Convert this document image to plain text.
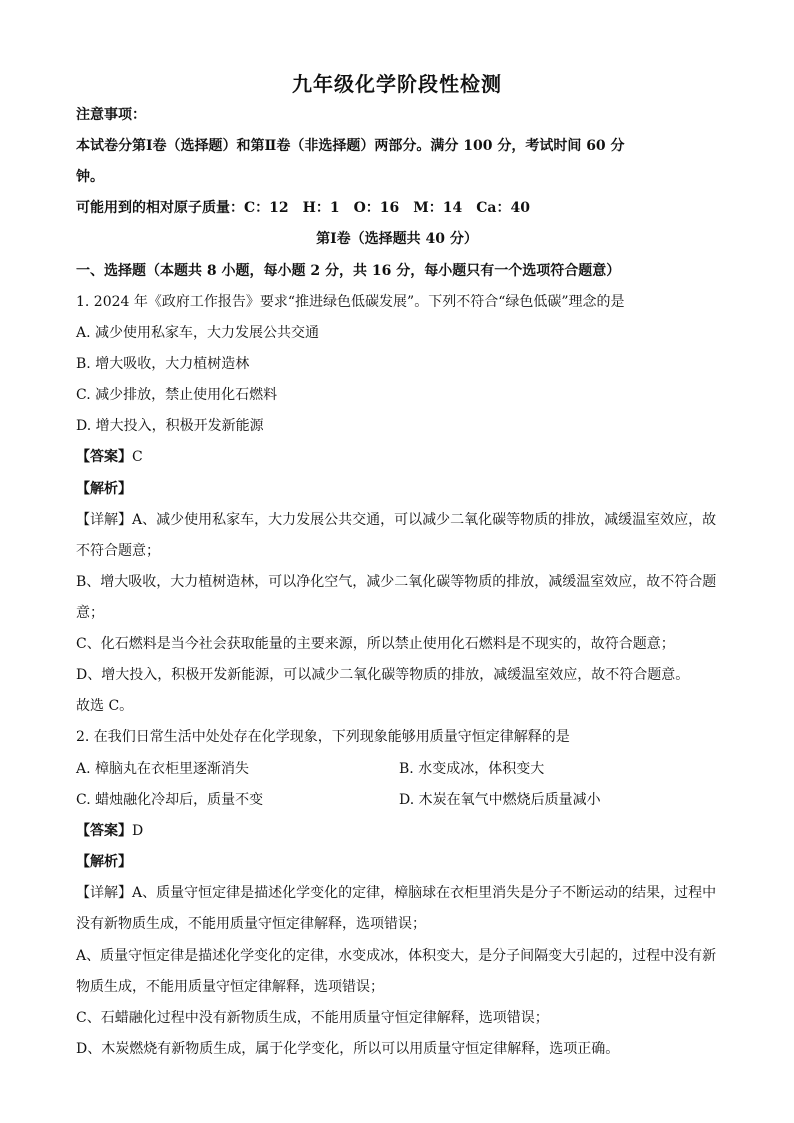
九年级化学阶段性检测
注意事项：
本试卷分第Ⅰ卷（选择题）和第Ⅱ卷（非选择题）两部分。满分 100 分，考试时间 60 分
钟。
可能用到的相对原子质量：C：12　H：1　O：16　M：14　Ca：40
第Ⅰ卷（选择题共 40 分）
一、选择题（本题共 8 小题，每小题 2 分，共 16 分，每小题只有一个选项符合题意）
1. 2024 年《政府工作报告》要求“推进绿色低碳发展”。下列不符合“绿色低碳”理念的是
A. 减少使用私家车，大力发展公共交通
B. 增大吸收，大力植树造林
C. 减少排放，禁止使用化石燃料
D. 增大投入，积极开发新能源
【答案】C
【解析】
【详解】A、减少使用私家车，大力发展公共交通，可以减少二氧化碳等物质的排放，减缓温室效应，故
不符合题意；
B、增大吸收，大力植树造林，可以净化空气，减少二氧化碳等物质的排放，减缓温室效应，故不符合题
意；
C、化石燃料是当今社会获取能量的主要来源，所以禁止使用化石燃料是不现实的，故符合题意；
D、增大投入，积极开发新能源，可以减少二氧化碳等物质的排放，减缓温室效应，故不符合题意。
故选 C。
2. 在我们日常生活中处处存在化学现象，下列现象能够用质量守恒定律解释的是
A. 樟脑丸在衣柜里逐渐消失	B. 水变成冰，体积变大
C. 蜡烛融化冷却后，质量不变	D. 木炭在氧气中燃烧后质量减小
【答案】D
【解析】
【详解】A、质量守恒定律是描述化学变化的定律，樟脑球在衣柜里消失是分子不断运动的结果，过程中
没有新物质生成，不能用质量守恒定律解释，选项错误；
A、质量守恒定律是描述化学变化的定律，水变成冰，体积变大，是分子间隔变大引起的，过程中没有新
物质生成，不能用质量守恒定律解释，选项错误；
C、石蜡融化过程中没有新物质生成，不能用质量守恒定律解释，选项错误；
D、木炭燃烧有新物质生成，属于化学变化，所以可以用质量守恒定律解释，选项正确。
